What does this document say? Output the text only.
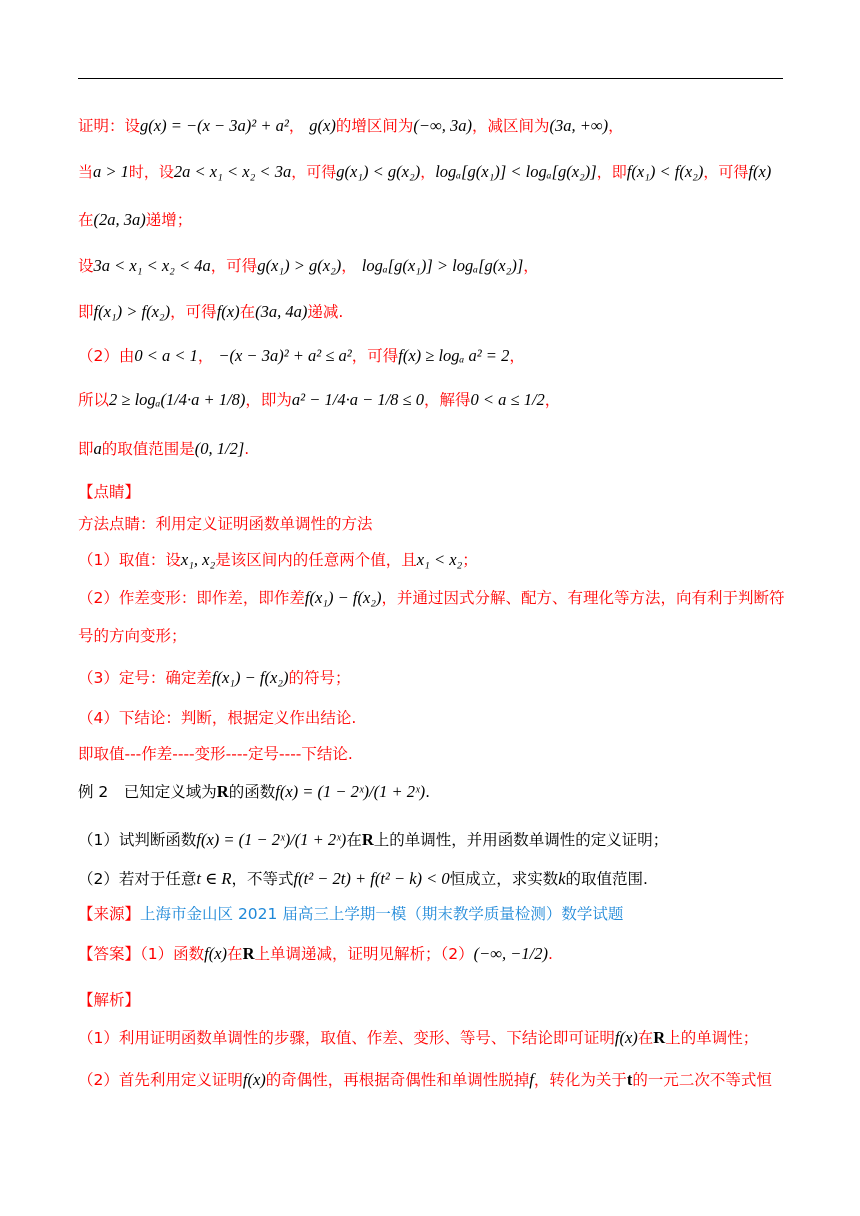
证明：设g(x) = −(x − 3a)² + a²， g(x)的增区间为(−∞, 3a)，减区间为(3a, +∞)，
当a > 1时，设2a < x₁ < x₂ < 3a，可得g(x₁) < g(x₂)，logₐ[g(x₁)] < logₐ[g(x₂)]，即f(x₁) < f(x₂)，可得f(x)
在(2a, 3a)递增；
设3a < x₁ < x₂ < 4a，可得g(x₁) > g(x₂)， logₐ[g(x₁)] > logₐ[g(x₂)]，
即f(x₁) > f(x₂)，可得f(x)在(3a, 4a)递减.
（2）由0 < a < 1， −(x − 3a)² + a² ≤ a²，可得f(x) ≥ logₐ a² = 2，
所以2 ≥ logₐ(1/4·a + 1/8)，即为a² − 1/4·a − 1/8 ≤ 0，解得0 < a ≤ 1/2，
即a的取值范围是(0, 1/2].
【点睛】
方法点睛：利用定义证明函数单调性的方法
（1）取值：设x₁, x₂是该区间内的任意两个值，且x₁ < x₂；
（2）作差变形：即作差，即作差f(x₁) − f(x₂)，并通过因式分解、配方、有理化等方法，向有利于判断符
号的方向变形；
（3）定号：确定差f(x₁) − f(x₂)的符号；
（4）下结论：判断，根据定义作出结论.
即取值---作差----变形----定号----下结论.
例 2　已知定义域为R的函数f(x) = (1 − 2ˣ)/(1 + 2ˣ).
（1）试判断函数f(x) = (1 − 2ˣ)/(1 + 2ˣ)在R上的单调性，并用函数单调性的定义证明；
（2）若对于任意t ∈ R，不等式f(t² − 2t) + f(t² − k) < 0恒成立，求实数k的取值范围.
【来源】上海市金山区 2021 届高三上学期一模（期末教学质量检测）数学试题
【答案】（1）函数f(x)在R上单调递减，证明见解析；（2）(−∞, −1/2).
【解析】
（1）利用证明函数单调性的步骤，取值、作差、变形、等号、下结论即可证明f(x)在R上的单调性；
（2）首先利用定义证明f(x)的奇偶性，再根据奇偶性和单调性脱掉f，转化为关于t的一元二次不等式恒
